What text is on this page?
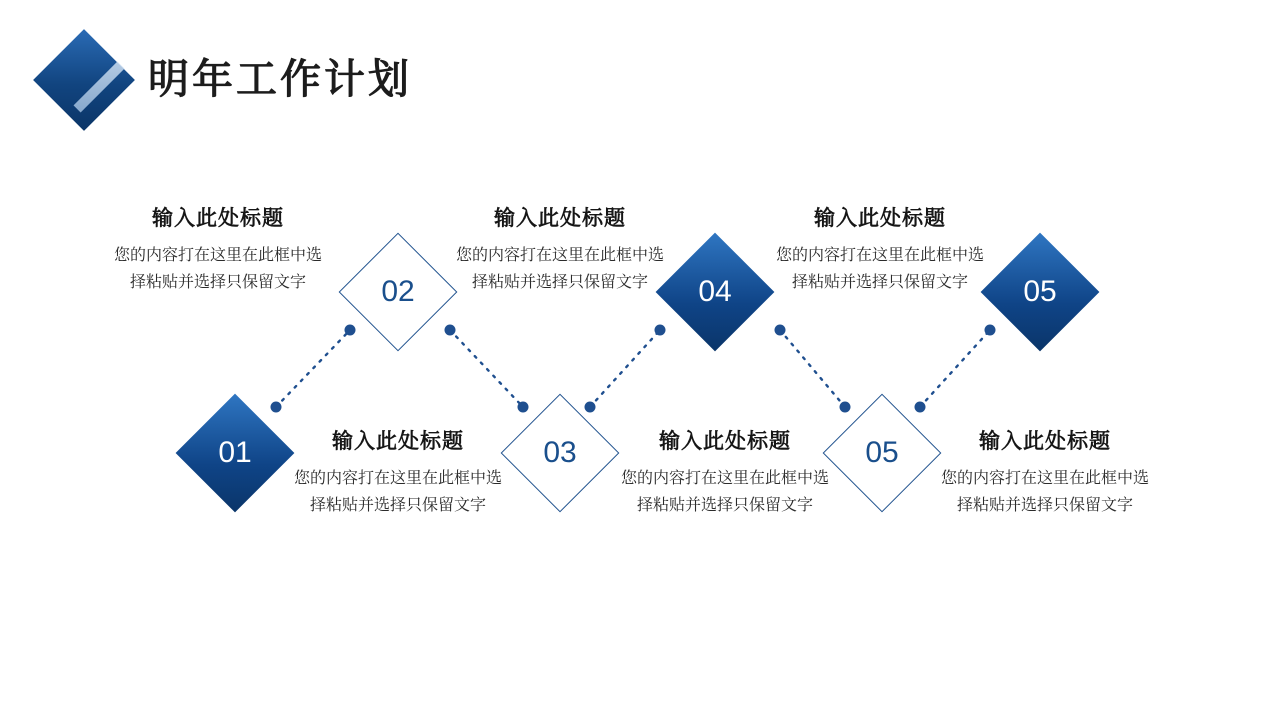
明年工作计划
01	输入此处标题
您的内容打在这里在此框中选择粘贴并选择只保留文字
02
输入此处标题
您的内容打在这里在此框中选择粘贴并选择只保留文字
03	输入此处标题
您的内容打在这里在此框中选择粘贴并选择只保留文字
04
输入此处标题
您的内容打在这里在此框中选择粘贴并选择只保留文字
05	输入此处标题
您的内容打在这里在此框中选择粘贴并选择只保留文字
05
输入此处标题
您的内容打在这里在此框中选择粘贴并选择只保留文字
